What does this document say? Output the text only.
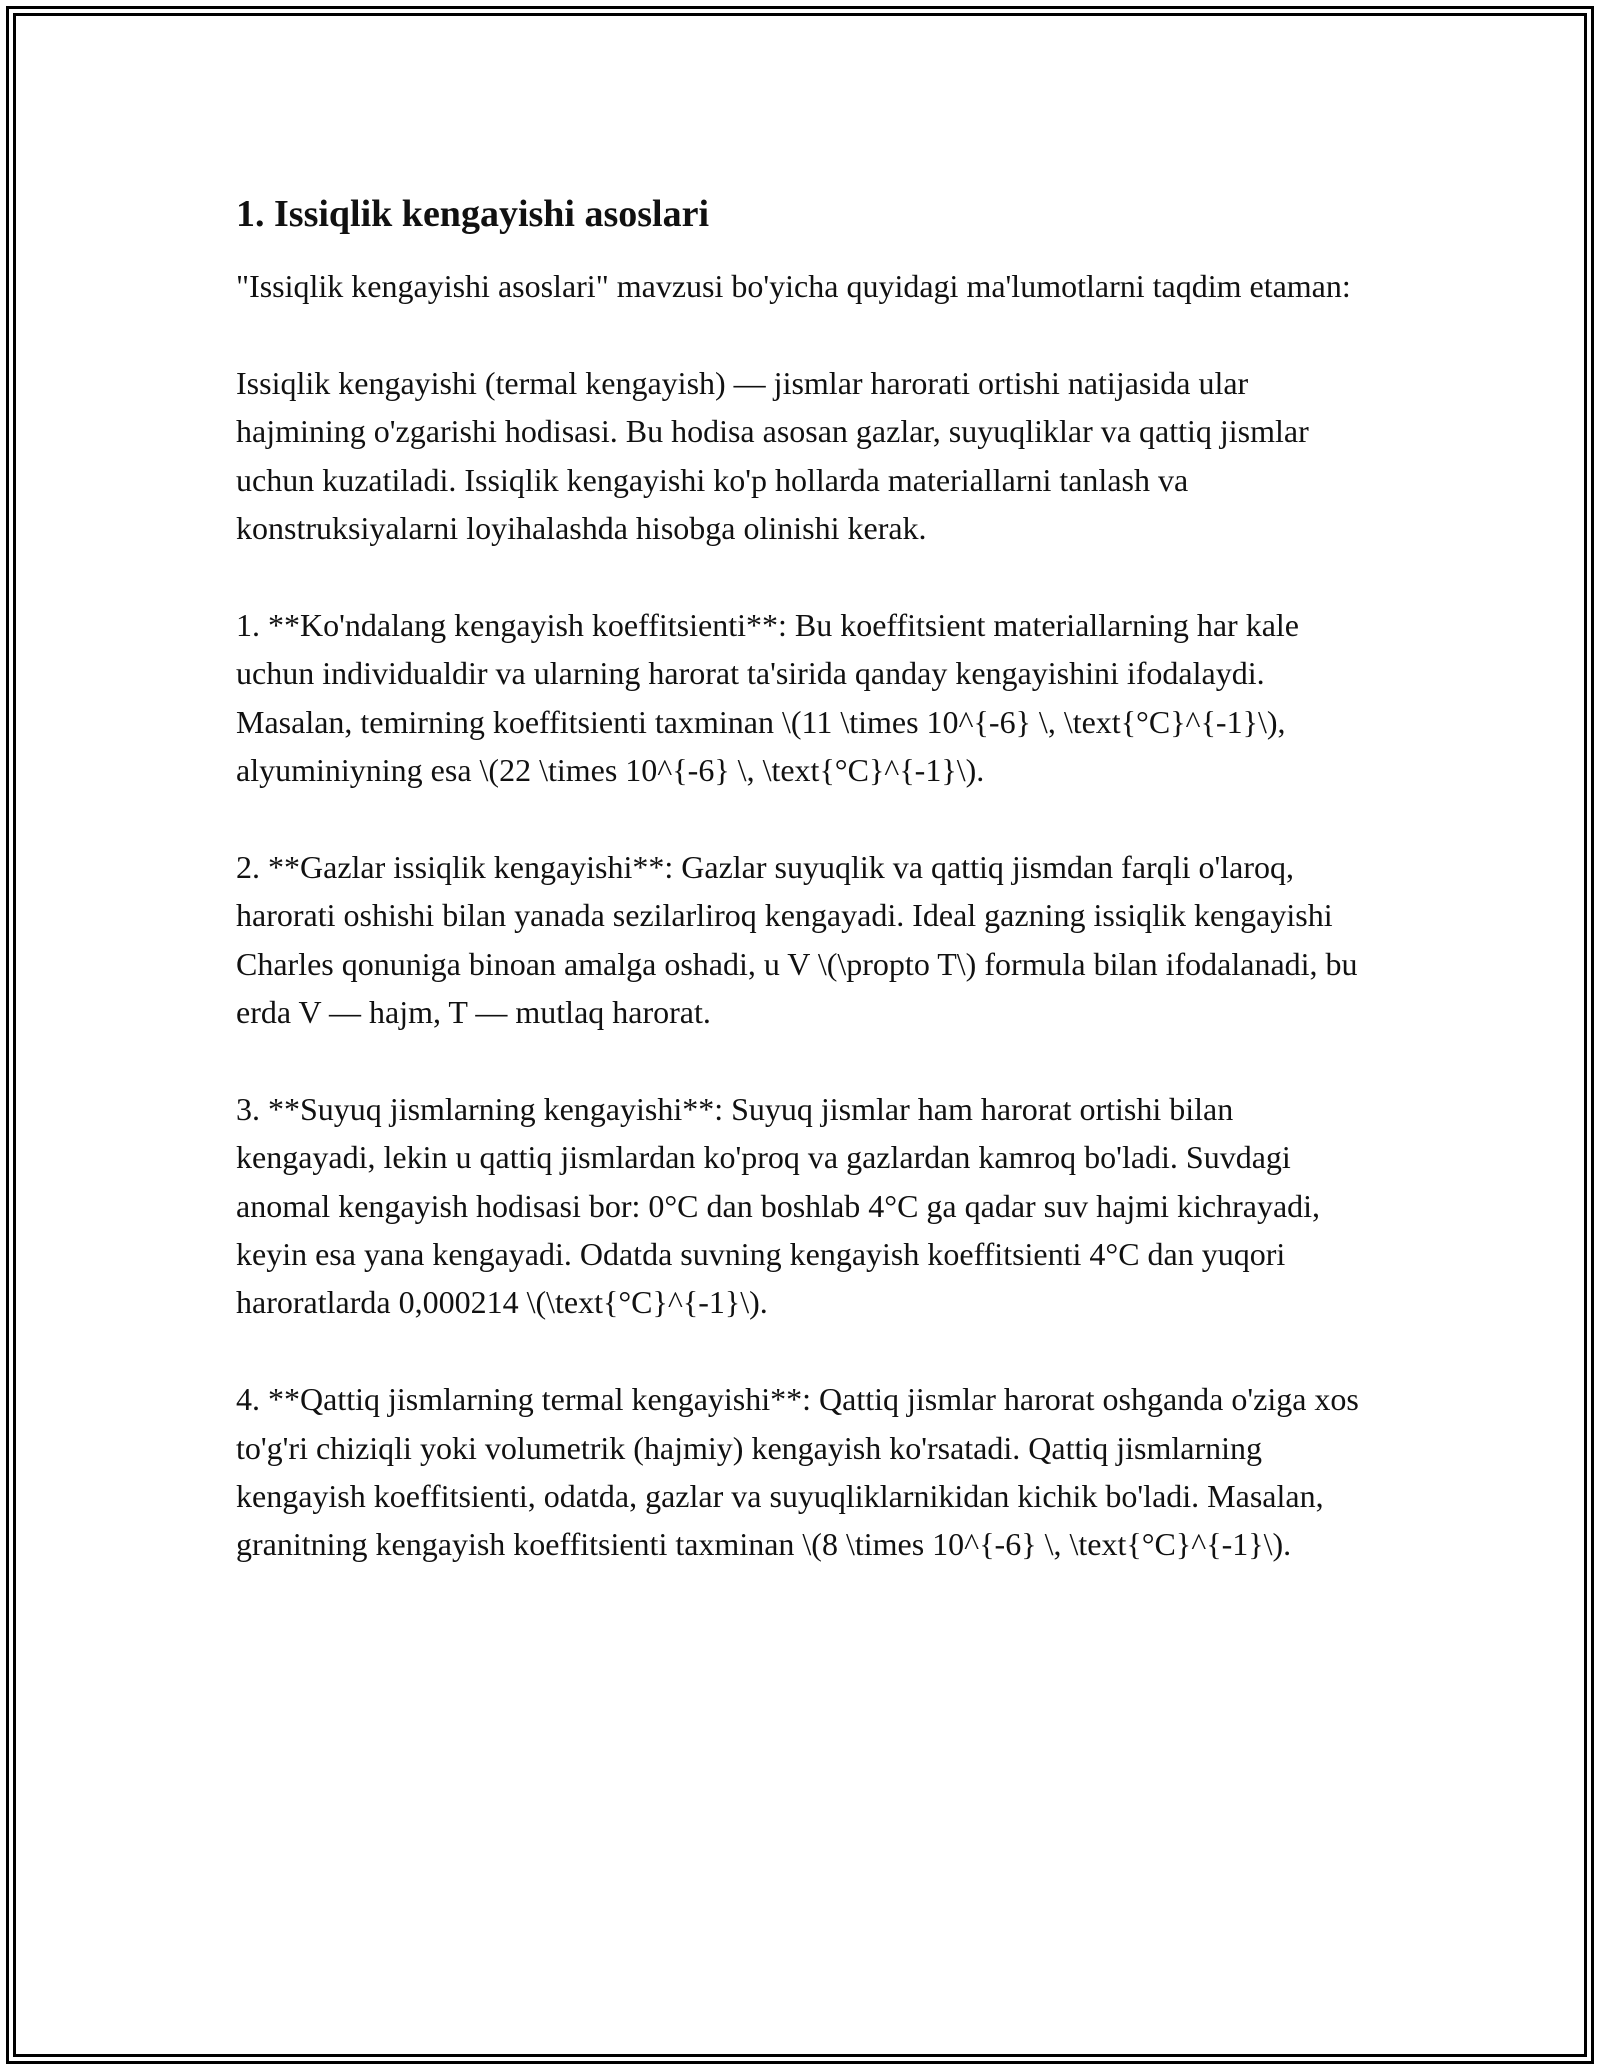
1. Issiqlik kengayishi asoslari

"Issiqlik kengayishi asoslari" mavzusi bo'yicha quyidagi ma'lumotlarni taqdim etaman:

Issiqlik kengayishi (termal kengayish) — jismlar harorati ortishi natijasida ular hajmining o'zgarishi hodisasi. Bu hodisa asosan gazlar, suyuqliklar va qattiq jismlar uchun kuzatiladi. Issiqlik kengayishi ko'p hollarda materiallarni tanlash va konstruksiyalarni loyihalashda hisobga olinishi kerak.

1. **Ko'ndalang kengayish koeffitsienti**: Bu koeffitsient materiallarning har kale uchun individualdir va ularning harorat ta'sirida qanday kengayishini ifodalaydi. Masalan, temirning koeffitsienti taxminan \(11 \times 10^{-6} \, \text{°C}^{-1}\), alyuminiyning esa \(22 \times 10^{-6} \, \text{°C}^{-1}\).

2. **Gazlar issiqlik kengayishi**: Gazlar suyuqlik va qattiq jismdan farqli o'laroq, harorati oshishi bilan yanada sezilarliroq kengayadi. Ideal gazning issiqlik kengayishi Charles qonuniga binoan amalga oshadi, u V \(\propto T\) formula bilan ifodalanadi, bu erda V — hajm, T — mutlaq harorat.

3. **Suyuq jismlarning kengayishi**: Suyuq jismlar ham harorat ortishi bilan kengayadi, lekin u qattiq jismlardan ko'proq va gazlardan kamroq bo'ladi. Suvdagi anomal kengayish hodisasi bor: 0°C dan boshlab 4°C ga qadar suv hajmi kichrayadi, keyin esa yana kengayadi. Odatda suvning kengayish koeffitsienti 4°C dan yuqori haroratlarda 0,000214 \(\text{°C}^{-1}\).

4. **Qattiq jismlarning termal kengayishi**: Qattiq jismlar harorat oshganda o'ziga xos to'g'ri chiziqli yoki volumetrik (hajmiy) kengayish ko'rsatadi. Qattiq jismlarning kengayish koeffitsienti, odatda, gazlar va suyuqliklarnikidan kichik bo'ladi. Masalan, granitning kengayish koeffitsienti taxminan \(8 \times 10^{-6} \, \text{°C}^{-1}\).
